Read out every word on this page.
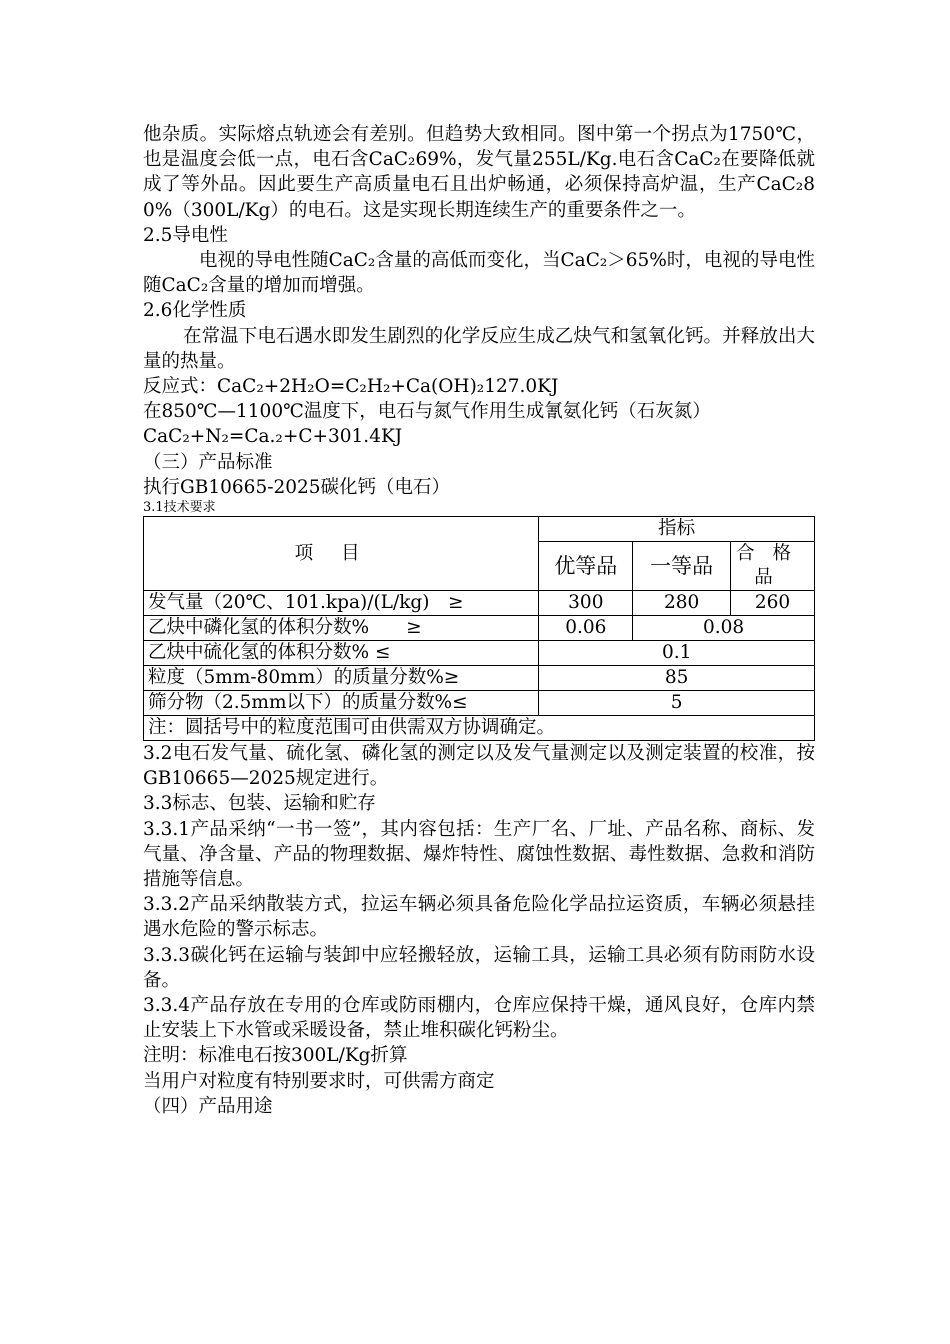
他杂质。实际熔点轨迹会有差别。但趋势大致相同。图中第一个拐点为1750℃，也是温度会低一点，电石含CaC₂69%，发气量255L/Kg.电石含CaC₂在要降低就成了等外品。因此要生产高质量电石且出炉畅通，必须保持高炉温，生产CaC₂80%（300L/Kg）的电石。这是实现长期连续生产的重要条件之一。

2.5导电性

电视的导电性随CaC₂含量的高低而变化，当CaC₂＞65%时，电视的导电性随CaC₂含量的增加而增强。

2.6化学性质

在常温下电石遇水即发生剧烈的化学反应生成乙炔气和氢氧化钙。并释放出大量的热量。

反应式：CaC₂+2H₂O=C₂H₂+Ca(OH)₂127.0KJ

在850℃—1100℃温度下，电石与氮气作用生成氰氨化钙（石灰氮）

CaC₂+N₂=Ca.₂+C+301.4KJ

（三）产品标准

执行GB10665-2025碳化钙（电石）

3.1技术要求

项目	指标		
	优等品	一等品	合格品
发气量（20℃、101.kpa)/(L/kg)　≥	300	280	260
乙炔中磷化氢的体积分数%　　≥	0.06	0.08	
乙炔中硫化氢的体积分数% ≤	0.1		
粒度（5mm-80mm）的质量分数%≥	85		
筛分物（2.5mm以下）的质量分数%≤	5		
注：圆括号中的粒度范围可由供需双方协调确定。			

3.2电石发气量、硫化氢、磷化氢的测定以及发气量测定以及测定装置的校准，按GB10665—2025规定进行。

3.3标志、包装、运输和贮存

3.3.1产品采纳“一书一签”，其内容包括：生产厂名、厂址、产品名称、商标、发气量、净含量、产品的物理数据、爆炸特性、腐蚀性数据、毒性数据、急救和消防措施等信息。

3.3.2产品采纳散装方式，拉运车辆必须具备危险化学品拉运资质，车辆必须悬挂遇水危险的警示标志。

3.3.3碳化钙在运输与装卸中应轻搬轻放，运输工具，运输工具必须有防雨防水设备。

3.3.4产品存放在专用的仓库或防雨棚内，仓库应保持干燥，通风良好，仓库内禁止安装上下水管或采暖设备，禁止堆积碳化钙粉尘。

注明：标准电石按300L/Kg折算

当用户对粒度有特别要求时，可供需方商定

（四）产品用途
